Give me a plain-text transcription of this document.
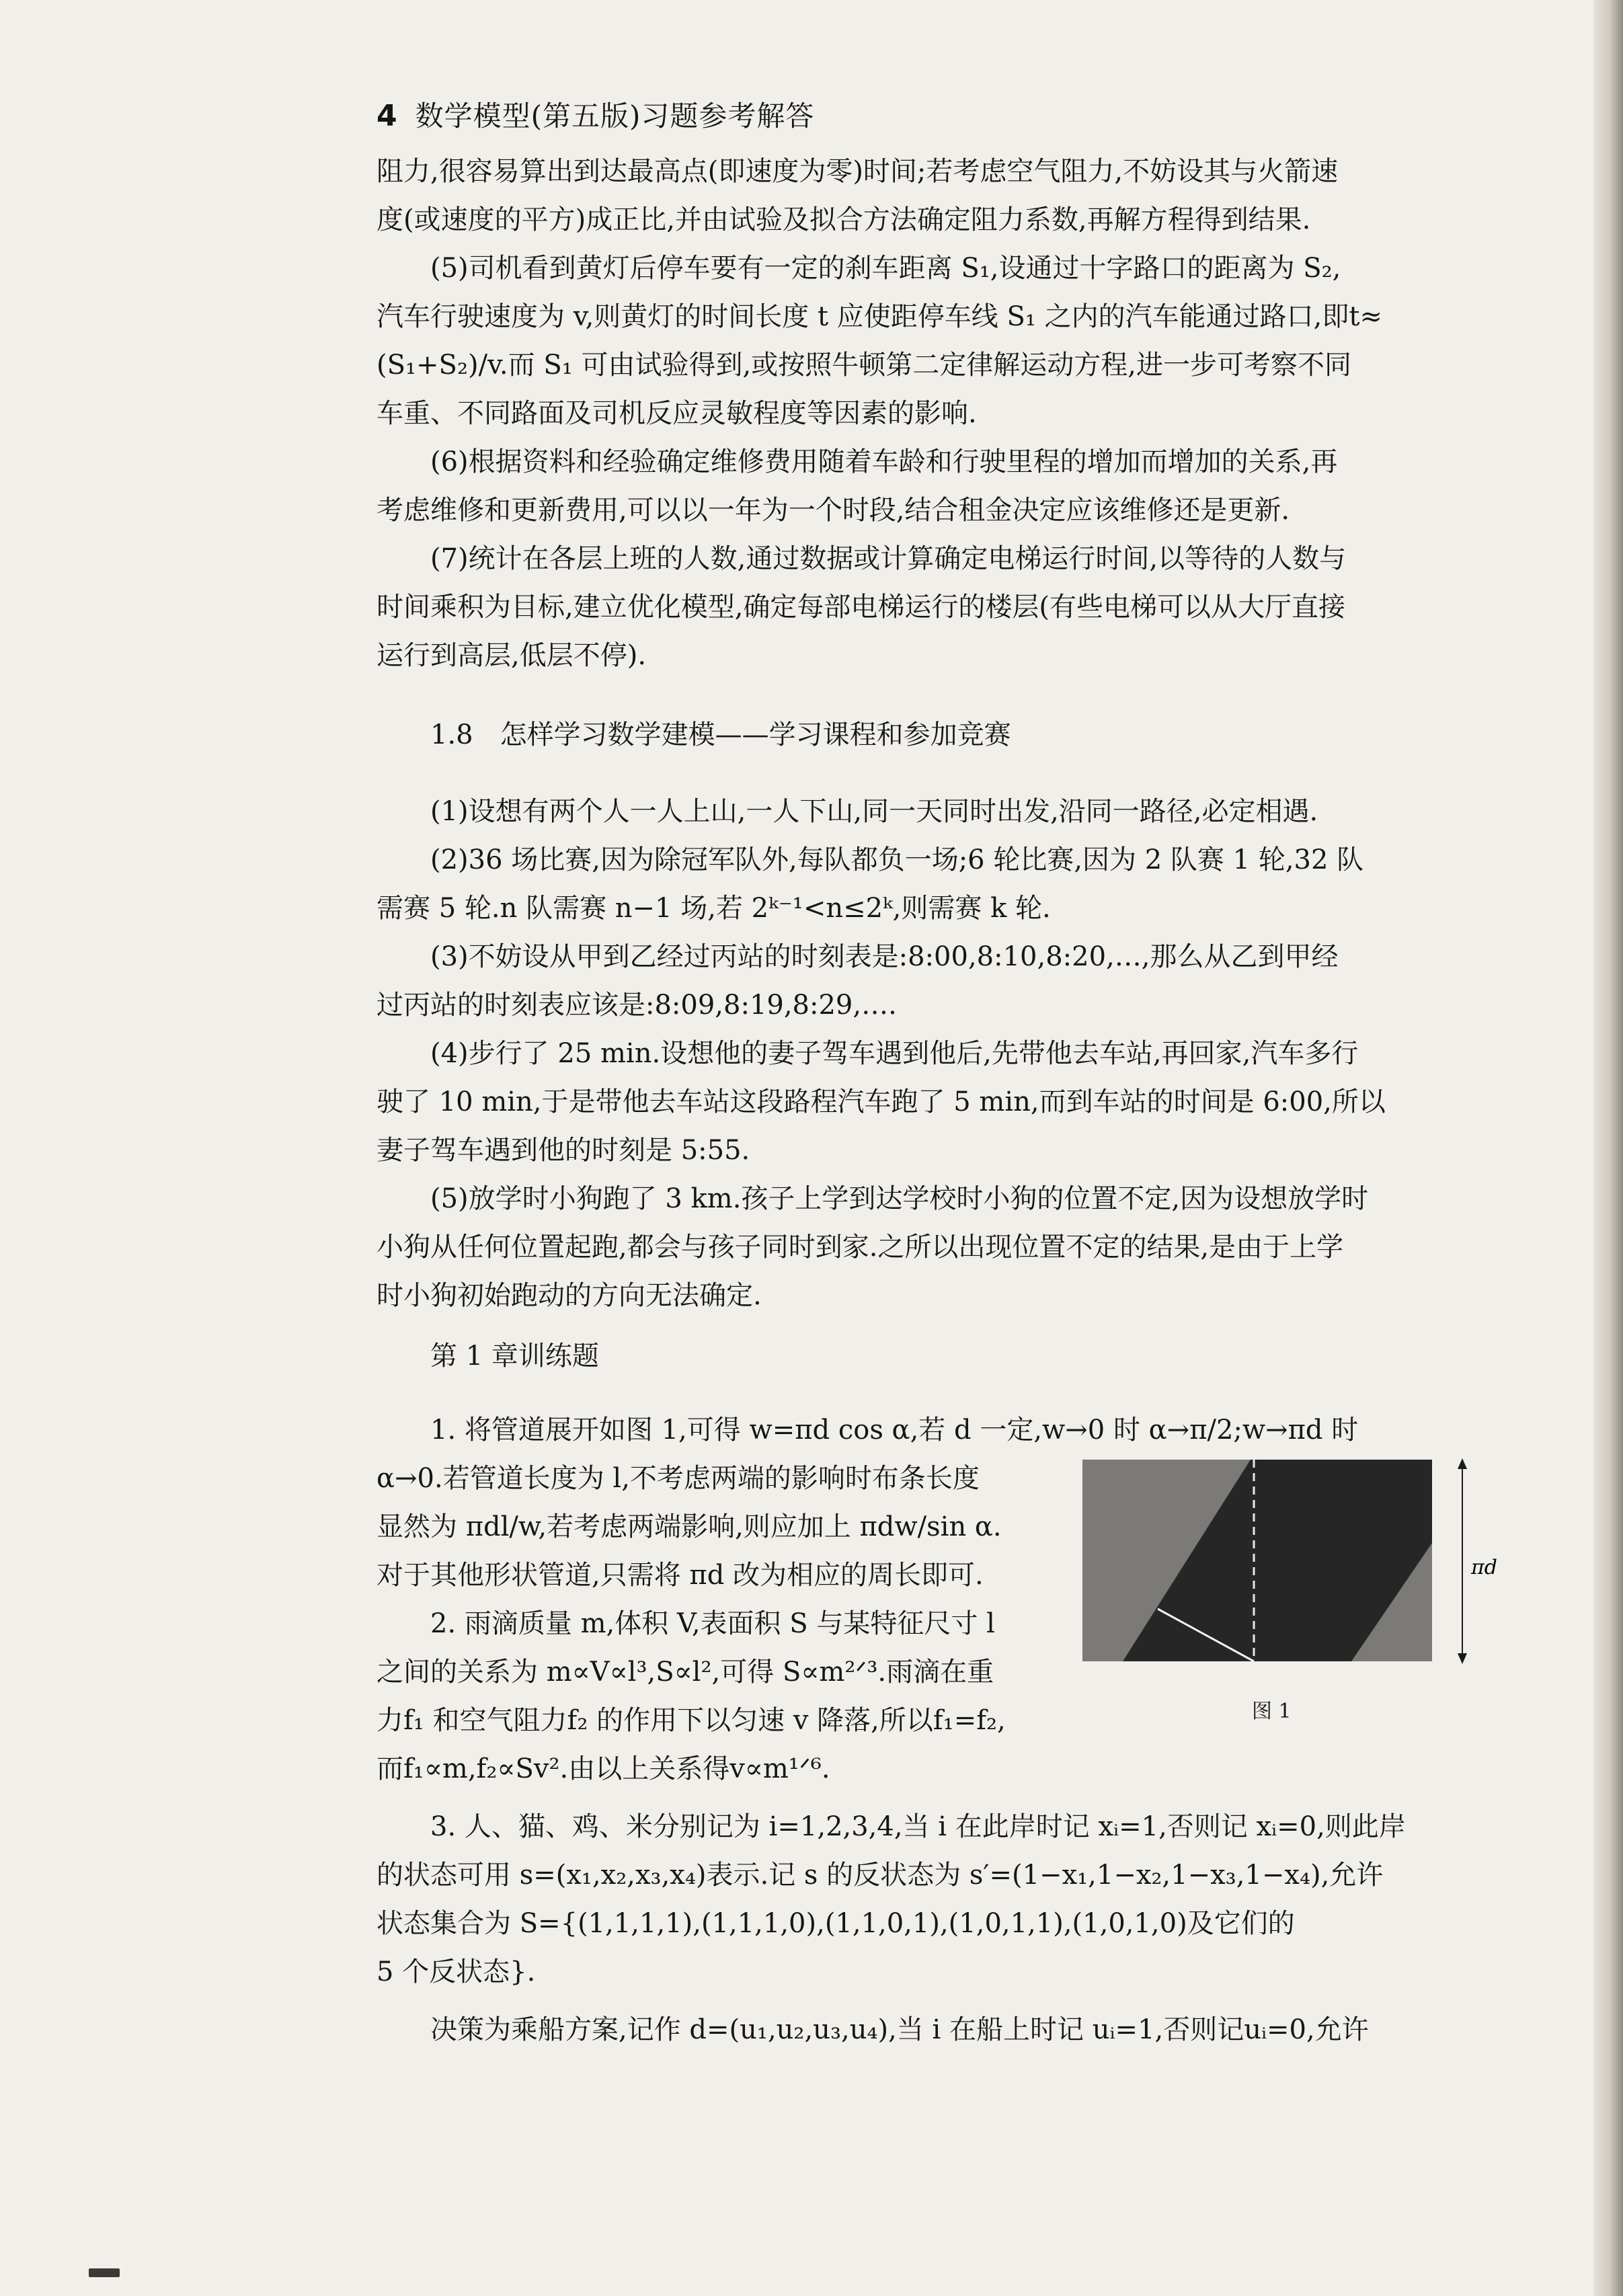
4 数学模型(第五版)习题参考解答
阻力,很容易算出到达最高点(即速度为零)时间;若考虑空气阻力,不妨设其与火箭速
度(或速度的平方)成正比,并由试验及拟合方法确定阻力系数,再解方程得到结果.
(5)司机看到黄灯后停车要有一定的刹车距离 S₁,设通过十字路口的距离为 S₂,
汽车行驶速度为 v,则黄灯的时间长度 t 应使距停车线 S₁ 之内的汽车能通过路口,即t≈
(S₁+S₂)/v.而 S₁ 可由试验得到,或按照牛顿第二定律解运动方程,进一步可考察不同
车重、不同路面及司机反应灵敏程度等因素的影响.
(6)根据资料和经验确定维修费用随着车龄和行驶里程的增加而增加的关系,再
考虑维修和更新费用,可以以一年为一个时段,结合租金决定应该维修还是更新.
(7)统计在各层上班的人数,通过数据或计算确定电梯运行时间,以等待的人数与
时间乘积为目标,建立优化模型,确定每部电梯运行的楼层(有些电梯可以从大厅直接
运行到高层,低层不停).
1.8　怎样学习数学建模——学习课程和参加竞赛
(1)设想有两个人一人上山,一人下山,同一天同时出发,沿同一路径,必定相遇.
(2)36 场比赛,因为除冠军队外,每队都负一场;6 轮比赛,因为 2 队赛 1 轮,32 队
需赛 5 轮.n 队需赛 n−1 场,若 2ᵏ⁻¹<n≤2ᵏ,则需赛 k 轮.
(3)不妨设从甲到乙经过丙站的时刻表是:8:00,8:10,8:20,…,那么从乙到甲经
过丙站的时刻表应该是:8:09,8:19,8:29,….
(4)步行了 25 min.设想他的妻子驾车遇到他后,先带他去车站,再回家,汽车多行
驶了 10 min,于是带他去车站这段路程汽车跑了 5 min,而到车站的时间是 6:00,所以
妻子驾车遇到他的时刻是 5:55.
(5)放学时小狗跑了 3 km.孩子上学到达学校时小狗的位置不定,因为设想放学时
小狗从任何位置起跑,都会与孩子同时到家.之所以出现位置不定的结果,是由于上学
时小狗初始跑动的方向无法确定.
第 1 章训练题
1. 将管道展开如图 1,可得 w=πd cos α,若 d 一定,w→0 时 α→π/2;w→πd 时
α→0.若管道长度为 l,不考虑两端的影响时布条长度
显然为 πdl/w,若考虑两端影响,则应加上 πdw/sin α.
对于其他形状管道,只需将 πd 改为相应的周长即可.
2. 雨滴质量 m,体积 V,表面积 S 与某特征尺寸 l
之间的关系为 m∝V∝l³,S∝l²,可得 S∝m²ᐟ³.雨滴在重
力f₁ 和空气阻力f₂ 的作用下以匀速 v 降落,所以f₁=f₂,
而f₁∝m,f₂∝Sv².由以上关系得v∝m¹ᐟ⁶.
3. 人、猫、鸡、米分别记为 i=1,2,3,4,当 i 在此岸时记 xᵢ=1,否则记 xᵢ=0,则此岸
的状态可用 s=(x₁,x₂,x₃,x₄)表示.记 s 的反状态为 s′=(1−x₁,1−x₂,1−x₃,1−x₄),允许
状态集合为 S={(1,1,1,1),(1,1,1,0),(1,1,0,1),(1,0,1,1),(1,0,1,0)及它们的
5 个反状态}.
决策为乘船方案,记作 d=(u₁,u₂,u₃,u₄),当 i 在船上时记 uᵢ=1,否则记uᵢ=0,允许
πd
图 1
